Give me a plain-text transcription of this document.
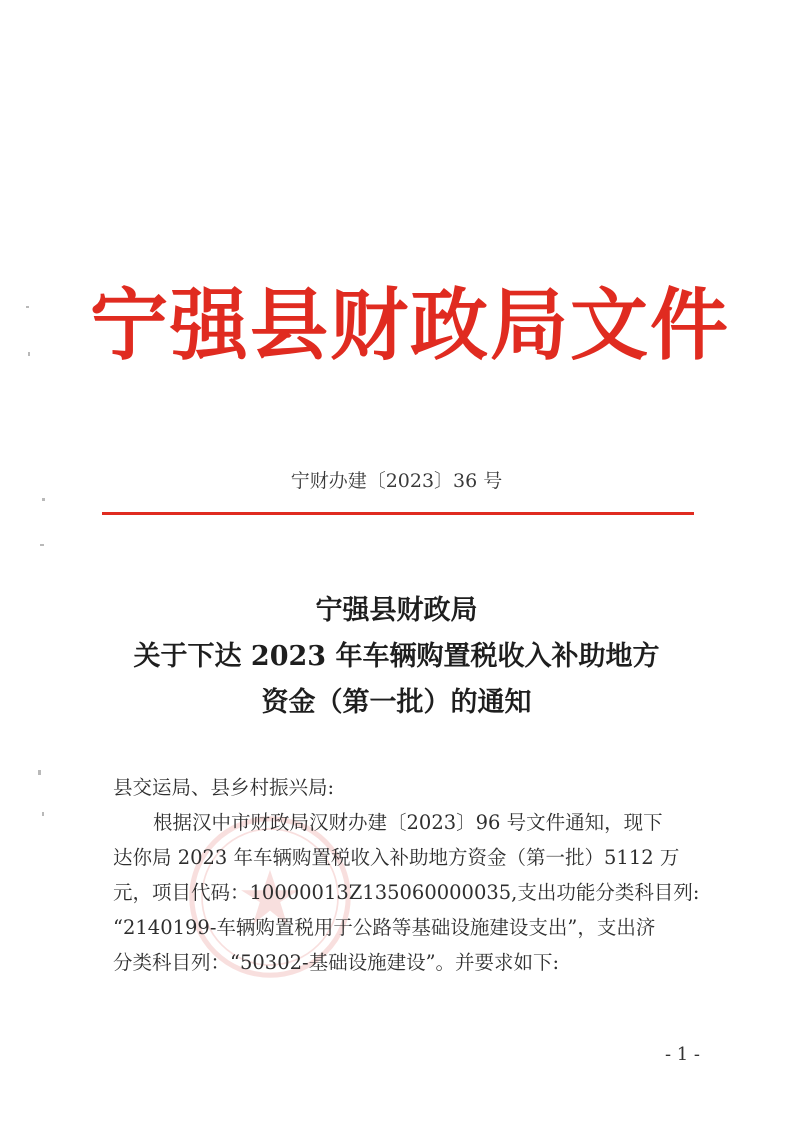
宁强县财政局文件
宁财办建〔2023〕36 号
宁强县财政局
关于下达 2023 年车辆购置税收入补助地方
资金（第一批）的通知
县交运局、县乡村振兴局:
根据汉中市财政局汉财办建〔2023〕96 号文件通知，现下
达你局 2023 年车辆购置税收入补助地方资金（第一批）5112 万
元，项目代码：10000013Z135060000035,支出功能分类科目列:
“2140199-车辆购置税用于公路等基础设施建设支出”，支出济
分类科目列：“50302-基础设施建设”。并要求如下:
- 1 -
